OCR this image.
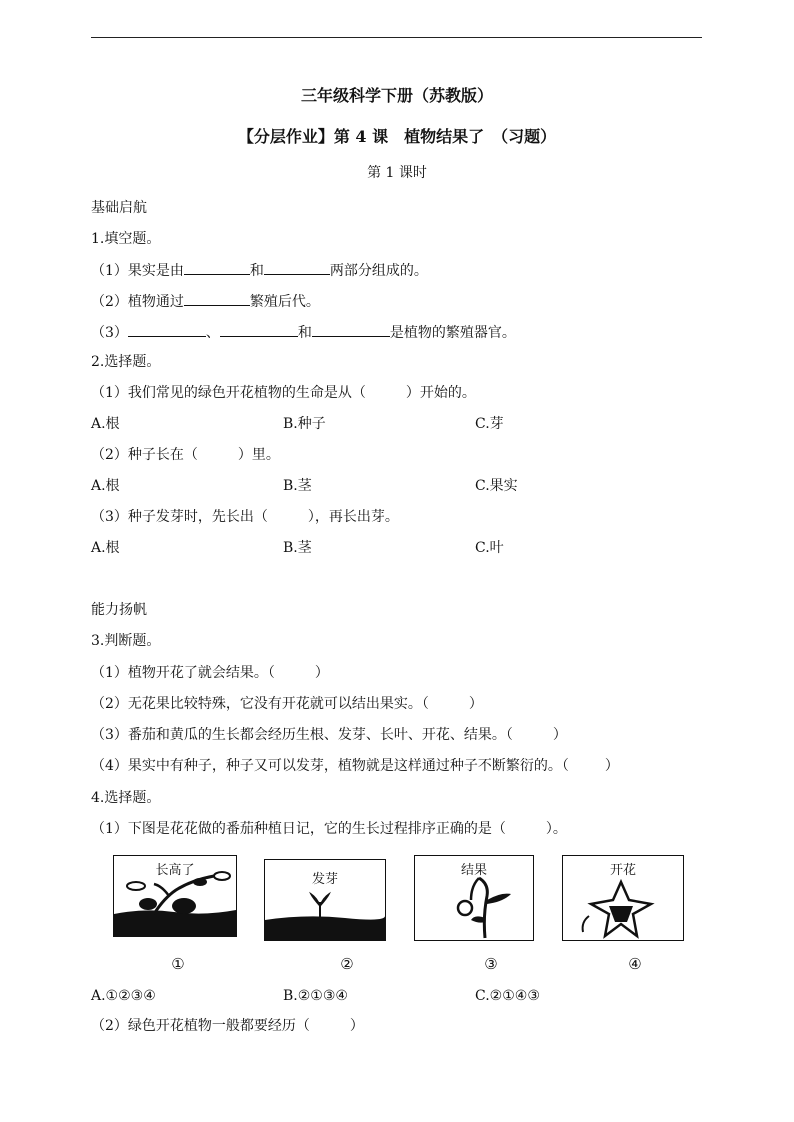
三年级科学下册（苏教版）
【分层作业】第 4 课　植物结果了　（习题）
第 1 课时
基础启航
1.填空题。
（1）果实是由	和	两部分组成的。
（2）植物通过	繁殖后代。
（3）	、	和	是植物的繁殖器官。
2.选择题。
（1）我们常见的绿色开花植物的生命是从（	）开始的。
A.根	B.种子	C.芽
（2）种子长在（	）里。
A.根	B.茎	C.果实
（3）种子发芽时，先长出（	），再长出芽。
A.根	B.茎	C.叶
能力扬帆
3.判断题。
（1）植物开花了就会结果。（	）
（2）无花果比较特殊，它没有开花就可以结出果实。（	）
（3）番茄和黄瓜的生长都会经历生根、发芽、长叶、开花、结果。（	）
（4）果实中有种子，种子又可以发芽，植物就是这样通过种子不断繁衍的。（	）
4.选择题。
（1）下图是花花做的番茄种植日记，它的生长过程排序正确的是（	）。
长高了
发芽
结果	开花
①	②	③	④
A.①②③④	B.②①③④	C.②①④③
（2）绿色开花植物一般都要经历（	）
